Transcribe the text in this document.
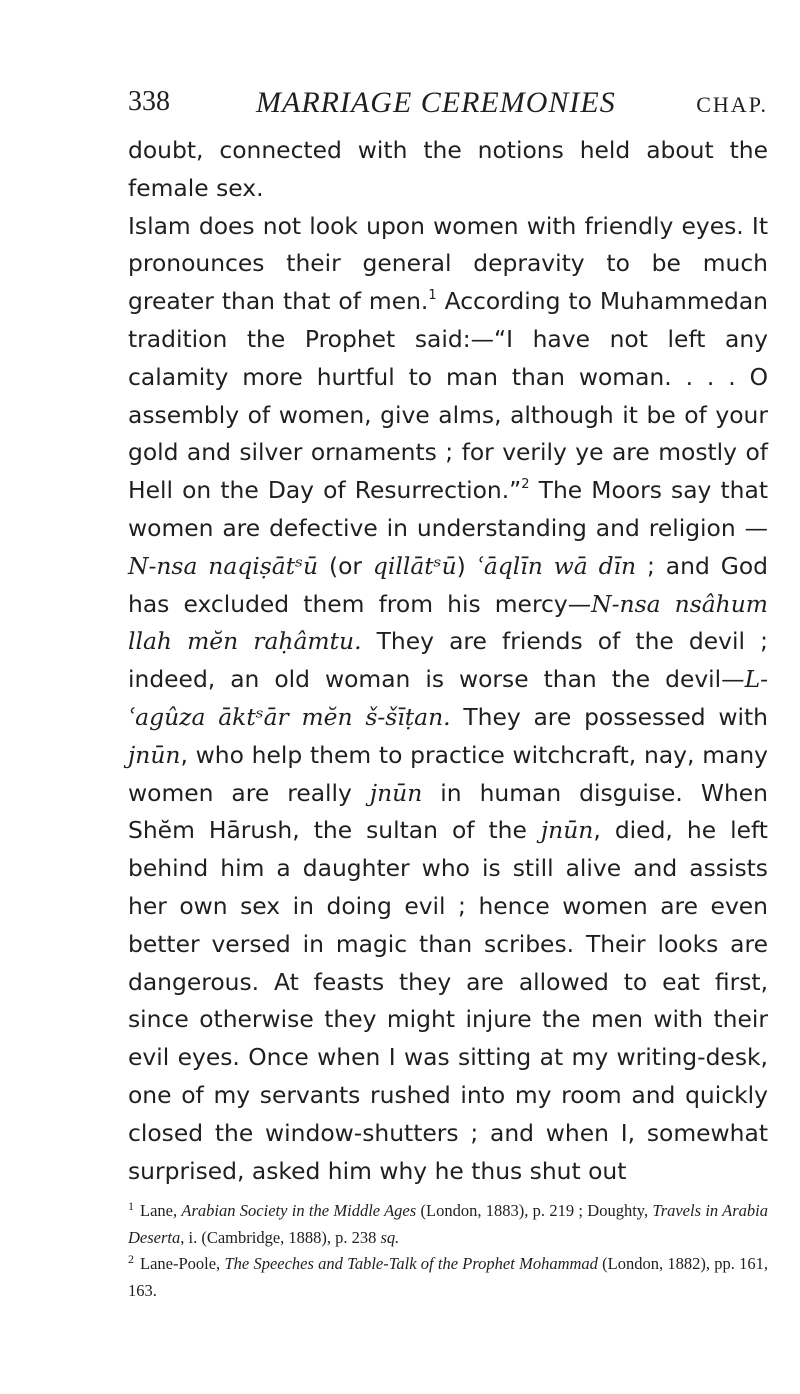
338	MARRIAGE CEREMONIES	CHAP.

doubt, connected with the notions held about the female sex.

Islam does not look upon women with friendly eyes. It pronounces their general depravity to be much greater than that of men.$^1$ According to Muhammedan tradition the Prophet said:—“I have not left any calamity more hurtful to man than woman. . . . O assembly of women, give alms, although it be of your gold and silver ornaments ; for verily ye are mostly of Hell on the Day of Resurrection.”$^2$ The Moors say that women are defective in understanding and religion —N-nsa naqiṣātˢū (or qillātˢū) ʿāqlīn wā dīn ; and God has excluded them from his mercy—N-nsa nsâhum llah mĕn raḥâmtu. They are friends of the devil ; indeed, an old woman is worse than the devil—L-ʿagûza āktˢār mĕn š-šīṭan. They are possessed with jnūn, who help them to practice witchcraft, nay, many women are really jnūn in human disguise. When Shĕm Hārush, the sultan of the jnūn, died, he left behind him a daughter who is still alive and assists her own sex in doing evil ; hence women are even better versed in magic than scribes. Their looks are dangerous. At feasts they are allowed to eat first, since otherwise they might injure the men with their evil eyes. Once when I was sitting at my writing-desk, one of my servants rushed into my room and quickly closed the window-shutters ; and when I, somewhat surprised, asked him why he thus shut out

$^1$ Lane, Arabian Society in the Middle Ages (London, 1883), p. 219 ; Doughty, Travels in Arabia Deserta, i. (Cambridge, 1888), p. 238 sq.

$^2$ Lane-Poole, The Speeches and Table-Talk of the Prophet Mohammad (London, 1882), pp. 161, 163.
